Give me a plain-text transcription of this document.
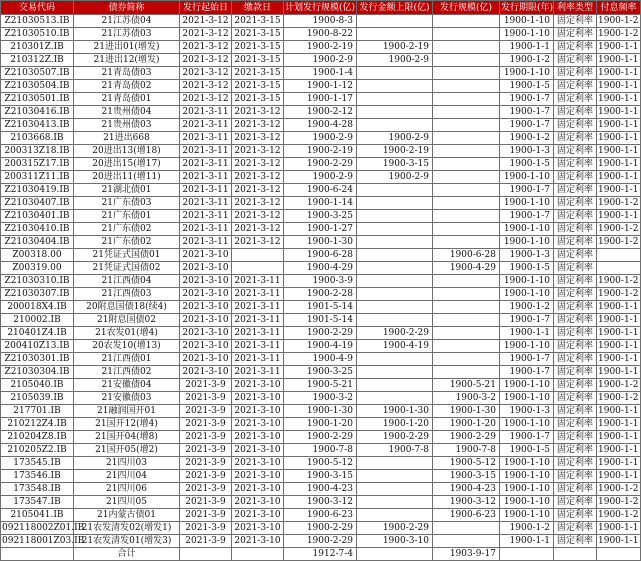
交易代码	债券简称	发行起始日	缴款日	计划发行规模(亿)	发行金额上限(亿)	发行规模(亿)	发行期限(年)	利率类型	付息频率
Z21030513.IB	21江苏债04	2021-3-12	2021-3-15	1900-8-3			1900-1-10	固定利率	1900-1-2
Z21030510.IB	21江苏债03	2021-3-12	2021-3-15	1900-8-22			1900-1-10	固定利率	1900-1-2
210301Z.IB	21进出01(增发)	2021-3-12	2021-3-15	1900-2-19	1900-2-19		1900-1-1	固定利率	1900-1-1
210312Z.IB	21进出12(增发)	2021-3-12	2021-3-15	1900-2-9	1900-2-9		1900-1-2	固定利率	1900-1-1
Z21030507.IB	21青岛债03	2021-3-12	2021-3-15	1900-1-4			1900-1-10	固定利率	1900-1-1
Z21030504.IB	21青岛债02	2021-3-12	2021-3-15	1900-1-12			1900-1-5	固定利率	1900-1-1
Z21030501.IB	21青岛债01	2021-3-12	2021-3-15	1900-1-17			1900-1-7	固定利率	1900-1-1
Z21030416.IB	21贵州债04	2021-3-11	2021-3-12	1900-2-12			1900-1-7	固定利率	1900-1-1
Z21030413.IB	21贵州债03	2021-3-11	2021-3-12	1900-4-28			1900-1-7	固定利率	1900-1-1
2103668.IB	21进出668	2021-3-11	2021-3-12	1900-2-9	1900-2-9		1900-1-2	固定利率	1900-1-1
200313Z18.IB	20进出13(增18)	2021-3-11	2021-3-12	1900-2-19	1900-2-19		1900-1-3	固定利率	1900-1-1
200315Z17.IB	20进出15(增17)	2021-3-11	2021-3-12	1900-2-29	1900-3-15		1900-1-5	固定利率	1900-1-1
200311Z11.IB	20进出11(增11)	2021-3-11	2021-3-12	1900-2-9	1900-2-9		1900-1-10	固定利率	1900-1-1
Z21030419.IB	21湖北债01	2021-3-11	2021-3-12	1900-6-24			1900-1-7	固定利率	1900-1-1
Z21030407.IB	21广东债03	2021-3-11	2021-3-12	1900-1-14			1900-1-10	固定利率	1900-1-2
Z21030401.IB	21广东债01	2021-3-11	2021-3-12	1900-3-25			1900-1-7	固定利率	1900-1-1
Z21030410.IB	21广东债02	2021-3-11	2021-3-12	1900-1-27			1900-1-10	固定利率	1900-1-2
Z21030404.IB	21广东债02	2021-3-11	2021-3-12	1900-1-30			1900-1-10	固定利率	1900-1-2
Z00318.00	21凭证式国债01	2021-3-10		1900-6-28		1900-6-28	1900-1-3	固定利率	
Z00319.00	21凭证式国债02	2021-3-10		1900-4-29		1900-4-29	1900-1-5	固定利率	
Z21030310.IB	21江西债04	2021-3-10	2021-3-11	1900-3-9			1900-1-10	固定利率	1900-1-2
Z21030307.IB	21江西债03	2021-3-10	2021-3-11	1900-2-28			1900-1-10	固定利率	1900-1-2
200018X4.IB	20附息国债18(续4)	2021-3-10	2021-3-11	1901-5-14			1900-1-2	固定利率	1900-1-1
210002.IB	21附息国债02	2021-3-10	2021-3-11	1901-5-14			1900-1-7	固定利率	1900-1-1
210401Z4.IB	21农发01(增4)	2021-3-10	2021-3-11	1900-2-29	1900-2-29		1900-1-1	固定利率	1900-1-1
200410Z13.IB	20农发10(增13)	2021-3-10	2021-3-11	1900-4-19	1900-4-19		1900-1-10	固定利率	1900-1-1
Z21030301.IB	21江西债01	2021-3-10	2021-3-11	1900-4-9			1900-1-7	固定利率	1900-1-1
Z21030304.IB	21江西债02	2021-3-10	2021-3-11	1900-3-25			1900-1-7	固定利率	1900-1-1
2105040.IB	21安徽债04	2021-3-9	2021-3-10	1900-5-21		1900-5-21	1900-1-10	固定利率	1900-1-2
2105039.IB	21安徽债03	2021-3-9	2021-3-10	1900-3-2		1900-3-2	1900-1-10	固定利率	1900-1-2
217701.IB	21融润国开01	2021-3-9	2021-3-10	1900-1-30	1900-1-30	1900-1-30	1900-1-3	固定利率	1900-1-1
210212Z4.IB	21国开12(增4)	2021-3-9	2021-3-10	1900-1-20	1900-1-20	1900-1-20	1900-1-10	固定利率	1900-1-1
210204Z8.IB	21国开04(增8)	2021-3-9	2021-3-10	1900-2-29	1900-2-29	1900-2-29	1900-1-7	固定利率	1900-1-1
210205Z2.IB	21国开05(增2)	2021-3-9	2021-3-10	1900-7-8	1900-7-8	1900-7-8	1900-1-5	固定利率	1900-1-1
173545.IB	21四川03	2021-3-9	2021-3-10	1900-5-12		1900-5-12	1900-1-10	固定利率	1900-1-1
173546.IB	21四川04	2021-3-9	2021-3-10	1900-3-15		1900-3-15	1900-1-10	固定利率	1900-1-1
173548.IB	21四川06	2021-3-9	2021-3-10	1900-4-23		1900-4-23	1900-1-10	固定利率	1900-1-2
173547.IB	21四川05	2021-3-9	2021-3-10	1900-3-12		1900-3-12	1900-1-10	固定利率	1900-1-2
2105041.IB	21内蒙古债01	2021-3-9	2021-3-10	1900-6-23		1900-6-23	1900-1-10	固定利率	1900-1-2
092118002Z01.IB	21农发清发02(增发1)	2021-3-9	2021-3-10	1900-2-29	1900-2-29		1900-1-2	固定利率	1900-1-1
092118001Z03.IB	21农发清发01(增发3)	2021-3-9	2021-3-10	1900-2-29	1900-3-10		1900-1-1	固定利率	1900-1-1
	合计			1912-7-4		1903-9-17			
